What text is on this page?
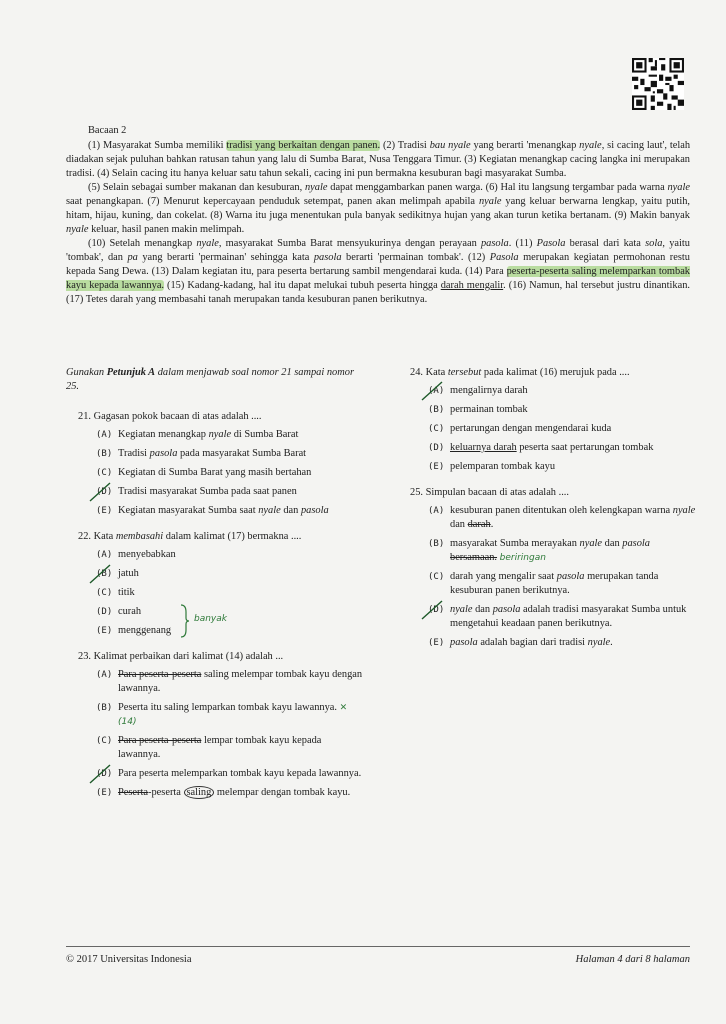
Bacaan 2

(1) Masyarakat Sumba memiliki tradisi yang berkaitan dengan panen. (2) Tradisi bau nyale yang berarti 'menangkap nyale, si cacing laut', telah diadakan sejak puluhan bahkan ratusan tahun yang lalu di Sumba Barat, Nusa Tenggara Timur. (3) Kegiatan menangkap cacing langka ini merupakan tradisi. (4) Selain cacing itu hanya keluar satu tahun sekali, cacing ini pun bermakna kesuburan bagi masyarakat Sumba.

(5) Selain sebagai sumber makanan dan kesuburan, nyale dapat menggambarkan panen warga. (6) Hal itu langsung tergambar pada warna nyale saat penangkapan. (7) Menurut kepercayaan penduduk setempat, panen akan melimpah apabila nyale yang keluar berwarna lengkap, yaitu putih, hitam, hijau, kuning, dan cokelat. (8) Warna itu juga menentukan pula banyak sedikitnya hujan yang akan turun ketika bertanam. (9) Makin banyak nyale keluar, hasil panen makin melimpah.

(10) Setelah menangkap nyale, masyarakat Sumba Barat mensyukurinya dengan perayaan pasola. (11) Pasola berasal dari kata sola, yaitu 'tombak', dan pa yang berarti 'permainan' sehingga kata pasola berarti 'permainan tombak'. (12) Pasola merupakan kegiatan permohonan restu kepada Sang Dewa. (13) Dalam kegiatan itu, para peserta bertarung sambil mengendarai kuda. (14) Para peserta-peserta saling melemparkan tombak kayu kepada lawannya. (15) Kadang-kadang, hal itu dapat melukai tubuh peserta hingga darah mengalir. (16) Namun, hal tersebut justru dinantikan. (17) Tetes darah yang membasahi tanah merupakan tanda kesuburan panen berikutnya.

Gunakan Petunjuk A dalam menjawab soal nomor 21 sampai nomor 25.
21. Gagasan pokok bacaan di atas adalah ....
(A) Kegiatan menangkap nyale di Sumba Barat
(B) Tradisi pasola pada masyarakat Sumba Barat
(C) Kegiatan di Sumba Barat yang masih bertahan
(D) Tradisi masyarakat Sumba pada saat panen
(E) Kegiatan masyarakat Sumba saat nyale dan pasola
22. Kata membasahi dalam kalimat (17) bermakna ....
(A) menyebabkan
(B) jatuh
(C) titik
(D) curah
(E) menggenang
banyak
23. Kalimat perbaikan dari kalimat (14) adalah ...
(A) Para peserta-peserta saling melempar tombak kayu dengan lawannya.
(B) Peserta itu saling lemparkan tombak kayu lawannya. ✕ (14)
(C) Para peserta-peserta lempar tombak kayu kepada lawannya.
(D) Para peserta melemparkan tombak kayu kepada lawannya.
(E) Peserta-peserta saling melempar dengan tombak kayu.
24. Kata tersebut pada kalimat (16) merujuk pada ....
(A) mengalirnya darah
(B) permainan tombak
(C) pertarungan dengan mengendarai kuda
(D) keluarnya darah peserta saat pertarungan tombak
(E) pelemparan tombak kayu
25. Simpulan bacaan di atas adalah ....
(A) kesuburan panen ditentukan oleh kelengkapan warna nyale dan darah.
(B) masyarakat Sumba merayakan nyale dan pasola bersamaan. beriringan
(C) darah yang mengalir saat pasola merupakan tanda kesuburan panen berikutnya.
(D) nyale dan pasola adalah tradisi masyarakat Sumba untuk mengetahui keadaan panen berikutnya.
(E) pasola adalah bagian dari tradisi nyale.
© 2017 Universitas Indonesia	Halaman 4 dari 8 halaman
